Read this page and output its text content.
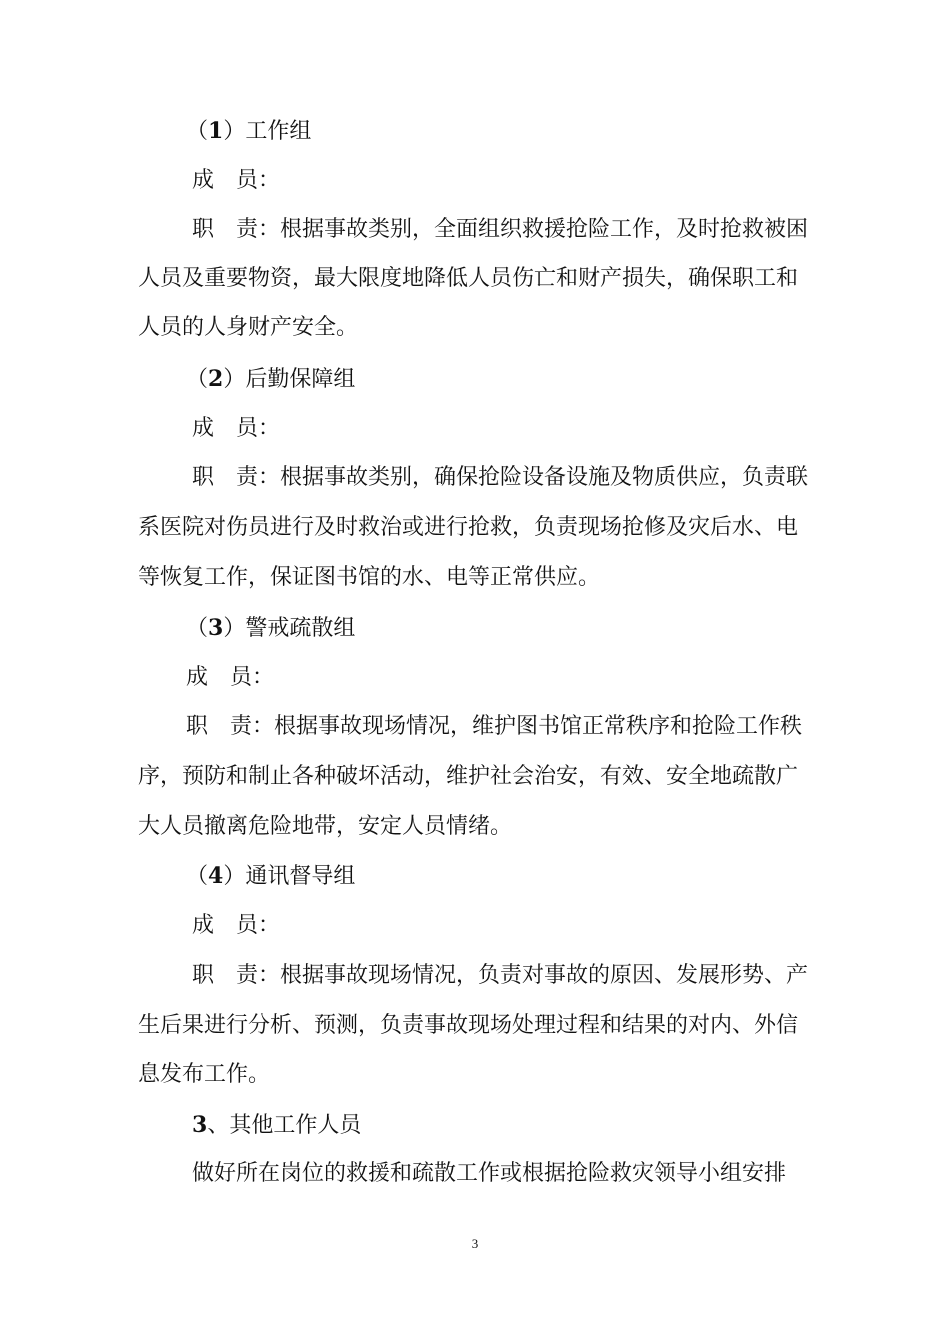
（1）工作组
成 员：
职 责：根据事故类别，全面组织救援抢险工作，及时抢救被困
人员及重要物资，最大限度地降低人员伤亡和财产损失，确保职工和
人员的人身财产安全。
（2）后勤保障组
成 员：
职 责：根据事故类别，确保抢险设备设施及物质供应，负责联
系医院对伤员进行及时救治或进行抢救，负责现场抢修及灾后水、电
等恢复工作，保证图书馆的水、电等正常供应。
（3）警戒疏散组
成 员：
职 责：根据事故现场情况，维护图书馆正常秩序和抢险工作秩
序，预防和制止各种破坏活动，维护社会治安，有效、安全地疏散广
大人员撤离危险地带，安定人员情绪。
（4）通讯督导组
成 员：
职 责：根据事故现场情况，负责对事故的原因、发展形势、产
生后果进行分析、预测，负责事故现场处理过程和结果的对内、外信
息发布工作。
3、其他工作人员
做好所在岗位的救援和疏散工作或根据抢险救灾领导小组安排
3
